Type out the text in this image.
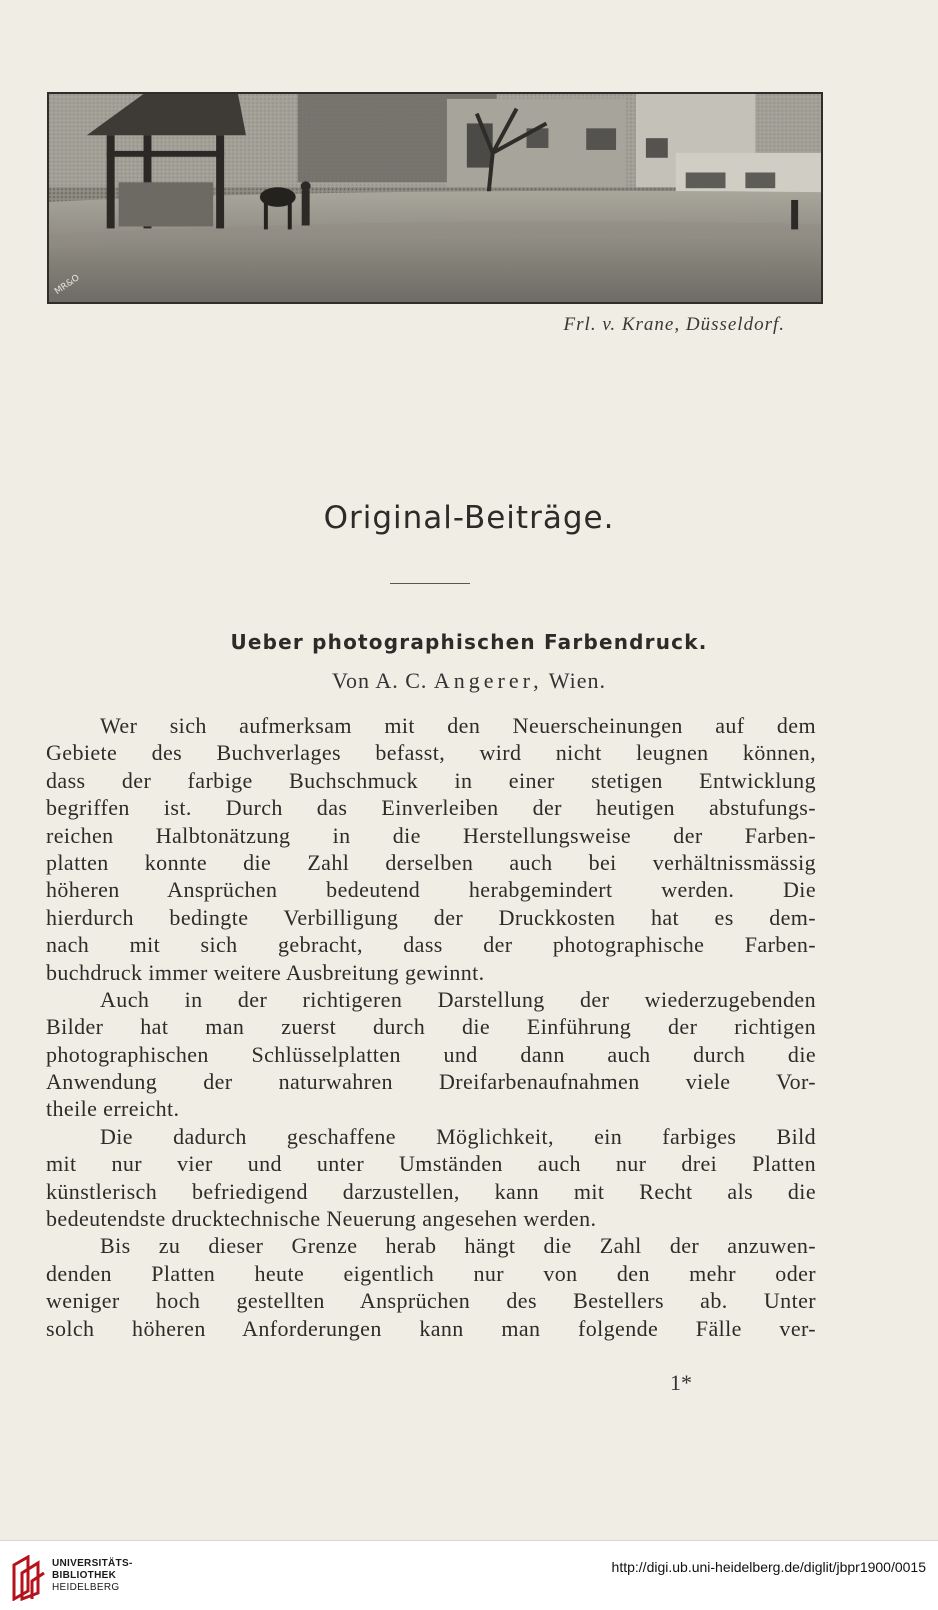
MR&O
Frl. v. Krane, Düsseldorf.
Original-Beiträge.
Ueber photographischen Farbendruck.
Von A. C. Angerer, Wien.
Wer sich aufmerksam mit den Neuerscheinungen auf dem
Gebiete des Buchverlages befasst, wird nicht leugnen können,
dass der farbige Buchschmuck in einer stetigen Entwicklung
begriffen ist. Durch das Einverleiben der heutigen abstufungs-
reichen Halbtonätzung in die Herstellungsweise der Farben-
platten konnte die Zahl derselben auch bei verhältnissmässig
höheren Ansprüchen bedeutend herabgemindert werden. Die
hierdurch bedingte Verbilligung der Druckkosten hat es dem-
nach mit sich gebracht, dass der photographische Farben-
buchdruck immer weitere Ausbreitung gewinnt.
Auch in der richtigeren Darstellung der wiederzugebenden
Bilder hat man zuerst durch die Einführung der richtigen
photographischen Schlüsselplatten und dann auch durch die
Anwendung der naturwahren Dreifarbenaufnahmen viele Vor-
theile erreicht.
Die dadurch geschaffene Möglichkeit, ein farbiges Bild
mit nur vier und unter Umständen auch nur drei Platten
künstlerisch befriedigend darzustellen, kann mit Recht als die
bedeutendste drucktechnische Neuerung angesehen werden.
Bis zu dieser Grenze herab hängt die Zahl der anzuwen-
denden Platten heute eigentlich nur von den mehr oder
weniger hoch gestellten Ansprüchen des Bestellers ab. Unter
solch höheren Anforderungen kann man folgende Fälle ver-
1*
UNIVERSITÄTS-
BIBLIOTHEK
HEIDELBERG
http://digi.ub.uni-heidelberg.de/diglit/jbpr1900/0015
